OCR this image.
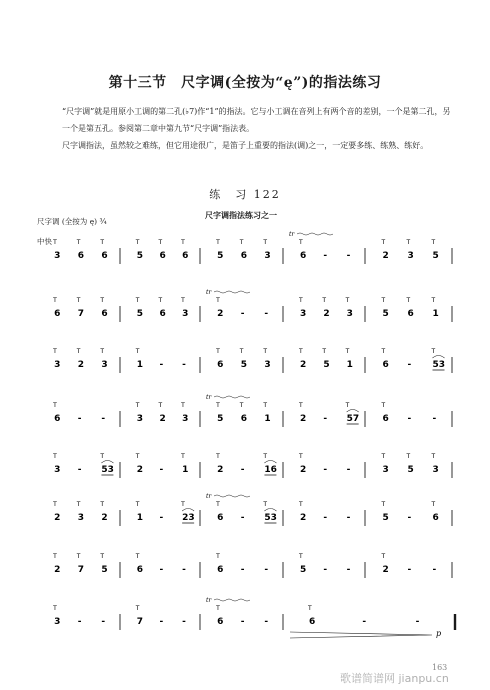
第十三节　尺字调(全按为“ę”)的指法练习
“尺字调”就是用原小工调的第二孔(♭7)作“1”的指法。它与小工调在音列上有两个音的差别，一个是第二孔，另一个是第五孔。参阅第二章中第九节“尺字调”指法表。
尺字调指法，虽然较之难练，但它用途很广，是笛子上重要的指法(调)之一，一定要多练、练熟、练好。
练　习 122
尺字调指法练习之一
尺字调 (全按为 ę) ¾
中快
tr
T
3
T
6
T
6
T
5
T
6
T
6
T
5
T
6
T
3
T
6 - -
T
2
T
3
T
5
tr
T
6
T
7
T
6
T
5
T
6
T
3
T
2 - -
T
3
T
2
T
3
T
5
T
6
T
1
T
3
T
2
T
3
T
1 - -
T
6
T
5
T
3
T
2
T
5
T
1
T
6 -
T
53
tr
T
6 - -
T
3
T
2
T
3
T
5
T
6
T
1
T
2 -
T
57
T
6 - -
T
3 -
T
53
T
2 -
T
1
T
2 -
T
16
T
2 - -
T
3
T
5
T
3
tr
T
2
T
3
T
2
T
1 -
T
23
T
6 -
T
53
T
2 - -
T
5 -
T
6
T
2
T
7
T
5
T
6 - -
T
6 - -
T
5 - -
T
2 - -
tr
T
3 - -
T
7 - -
T
6 - -
T
6	-	-
p
163
歌谱简谱网 jianpu.cn
